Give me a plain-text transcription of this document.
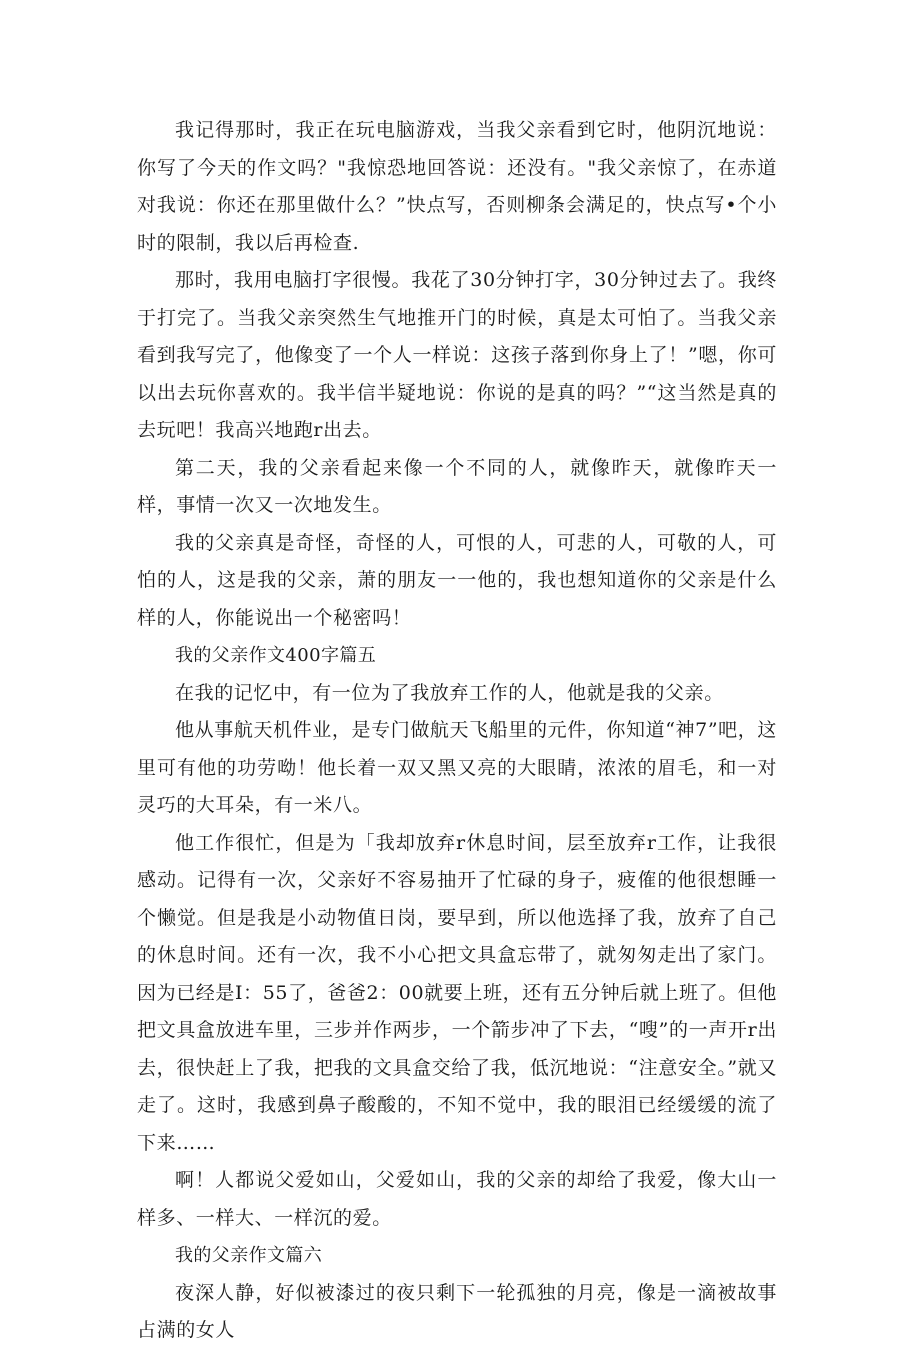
我记得那时，我正在玩电脑游戏，当我父亲看到它时，他阴沉地说：你写了今天的作文吗？"我惊恐地回答说：还没有。"我父亲惊了，在赤道对我说：你还在那里做什么？”快点写，否则柳条会满足的，快点写•个小时的限制，我以后再检查.

那时，我用电脑打字很慢。我花了30分钟打字，30分钟过去了。我终于打完了。当我父亲突然生气地推开门的时候，真是太可怕了。当我父亲看到我写完了，他像变了一个人一样说：这孩子落到你身上了！”嗯，你可以出去玩你喜欢的。我半信半疑地说：你说的是真的吗？”“这当然是真的去玩吧！我高兴地跑r出去。

第二天，我的父亲看起来像一个不同的人，就像昨天，就像昨天一样，事情一次又一次地发生。

我的父亲真是奇怪，奇怪的人，可恨的人，可悲的人，可敬的人，可怕的人，这是我的父亲，萧的朋友一一他的，我也想知道你的父亲是什么样的人，你能说出一个秘密吗！

我的父亲作文400字篇五

在我的记忆中，有一位为了我放弃工作的人，他就是我的父亲。

他从事航天机件业，是专门做航天飞船里的元件，你知道“神7”吧，这里可有他的功劳呦！他长着一双又黑又亮的大眼睛，浓浓的眉毛，和一对灵巧的大耳朵，有一米八。

他工作很忙，但是为「我却放弃r休息时间，层至放弃r工作，让我很感动。记得有一次，父亲好不容易抽开了忙碌的身子，疲傕的他很想睡一个懒觉。但是我是小动物值日岗，要早到，所以他选择了我，放弃了自己的休息时间。还有一次，我不小心把文具盒忘带了，就匆匆走出了家门。因为已经是I：55了，爸爸2：00就要上班，还有五分钟后就上班了。但他把文具盒放进车里，三步并作两步，一个箭步冲了下去，“嗖”的一声开r出去，很快赶上了我，把我的文具盒交给了我，低沉地说：“注意安全。”就又走了。这时，我感到鼻子酸酸的，不知不觉中，我的眼泪已经缓缓的流了下来……

啊！人都说父爱如山，父爱如山，我的父亲的却给了我爱，像大山一样多、一样大、一样沉的爱。

我的父亲作文篇六

夜深人静，好似被漆过的夜只剩下一轮孤独的月亮，像是一滴被故事占满的女人
